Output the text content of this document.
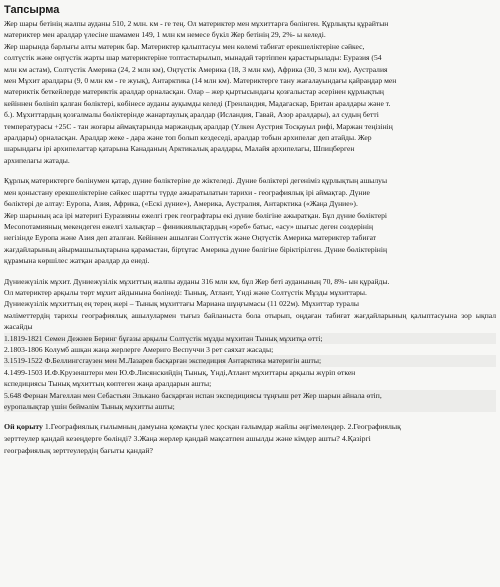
Тапсырма

Жер шары бетінің жалпы ауданы 510, 2 млн. км - ге тең. Ол материктер мен мұхиттарға бөлінген. Құрлықты құрайтын
материктер мен аралдар үлесіне шамамен 149, 1 млн км немесе бүкіл Жер бетінің 29, 2%- ы келеді.
Жер шарында барлығы алты материк бар. Материктер қалыптасуы мен көлемі табиғат ерекшеліктеріне сәйкес,
солтүстік және оңтүстік жарты шар материктеріне топтастырылып, мынадай тәртіппен қарастырылады: Еуразия (54
млн км астам), Солтүстік Америка (24, 2 млн км), Оңтүстік Америка (18, 3 млн км), Африка (30, 3 млн км), Аустралия
мен Мұхит аралдары (9, 0 млн км - ге жуық), Антарктика (14 млн км). Материктерге тану жағалауындағы қайраңдар мен
материктік беткейлерде материктік аралдар орналасқан. Олар – жер қыртысындағы қозғалыстар әсерінен құрлықтың
кейіннен бөлініп қалған бөліктері, көбінесе ауданы ауқымды келеді (Гренландия, Мадагаскар, Британ аралдары және т.
б.). Мұхиттардың қозғалмалы бөліктерінде жанартаулық аралдар (Исландия, Гавай, Азор аралдары), ал судың бетті
температурасы +25С - тан жоғары аймақтарында маржандық аралдар (Үлкен Аустрия Тосқауыл рифі, Маржан теңізінің
аралдары) орналасқан. Аралдар жеке - дара және топ болып кездеседі, аралдар тобын архипелаг деп атайды. Жер
шарындағы ірі архипелагтар қатарына Канаданың Арктикалық аралдары, Малайя архипелагы, Шпицберген
архипелагы жатады.

Құрлық материктерге бөлінумен қатар, дүние бөліктеріне де жіктеледі. Дүние бөліктері дегеніміз құрлықтың ашылуы
мен қоныстану ерекшеліктеріне сәйкес шартты түрде ажыратылатын тарихи - географиялық ірі аймақтар. Дүние
бөліктері де алтау: Еуропа, Азия, Африка, («Ескі дүние»), Америка, Аустралия, Антарктика («Жаңа Дүние»).
Жер шарының аса ірі материгі Еуразияны ежелгі грек географтары екі дүние бөлігіне ажыратқан. Бұл дүние бөліктері
Месопотамияның мекендеген ежелгі халықтар – финикиялықтардың «эреб» батыс, «асу» шығыс деген сөздерінің
негізінде Еуропа және Азия деп аталған. Кейіннен ашылған Солтүстік және Оңтүстік Америка материктер табиғат
жағдайларының айырмашылықтарына қарамастан, біртұтас Америка дүние бөлігіне біріктірілген. Дүние бөліктерінің
құрамына көршілес жатқан аралдар да енеді.

Дүниежүзілік мұхит. Дүниежүзілік мұхиттың жалпы ауданы 316 млн км, бұл Жер беті ауданының 70, 8%- ын құрайды.
Ол материктер арқылы төрт мұхит айдынына бөлінеді: Тынық, Атлант, Үнді және Солтүстік Мұзды мұхиттары.
Дүниежүзілік мұхиттың ең терең жері – Тынық мұхиттағы Мариана шұңғымасы (11 022м). Мұхиттар туралы
мәліметтердің тарихы географиялық ашылулармен тығыз байланыста бола отырып, оңдаған табиғат жағдайларының қалыптасуына зор ықпал жасайды

1.1819-1821 Семен Дежнев Беринг бұғазы арқылы Солтүстік мұзды мұхитан Тынық мұхитқа өтті;

2.1803-1806 Колумб ашқан жаңа жерлерге Америго Веспуччи 3 рет саяхат жасады;

3.1519-1522 Ф.Беллингсгаузен мен М.Лазарев басқарған экспедиция Антарктика материгін ашты;

4.1499-1503 И.Ф.Крузенштерн мен Ю.Ф.Лисянскийдің Тынық, Үнді,Атлант мұхиттары арқылы жүріп өткен
кспедициясы Тынық мұхиттың көптеген жаңа аралдарын ашты;

5.648 Фернан Магеллан мен Себастьян Элькано басқарған испан экспедициясы тұңғыш рет Жер шарын айнала өтіп,
еуропалықтар үшін беймәлім Тынық мұхитты ашты;

Ой қорыту 1.Географиялық ғылымның дамуына қомақты үлес қосқан ғалымдар жайлы әңгімелеңдер. 2.Географиялық
зерттеулер қандай кезеңдерге бөлінді? 3.Жаңа жерлер қандай мақсатпен ашылды және кімдер ашты? 4.Қазіргі
географиялық зерттеулердің бағыты қандай?
